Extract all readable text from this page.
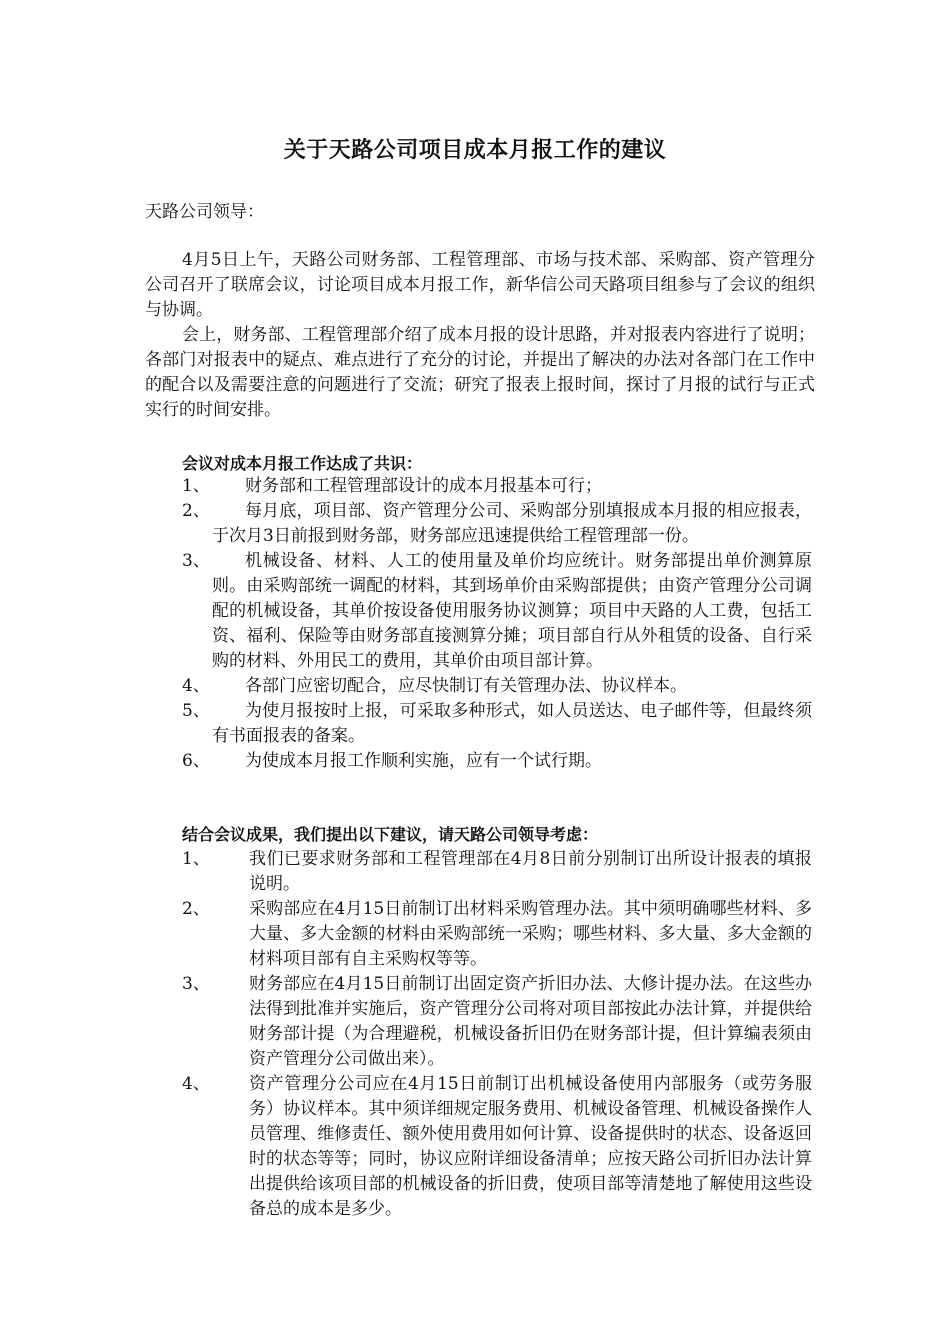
关于天路公司项目成本月报工作的建议
天路公司领导：

4月5日上午，天路公司财务部、工程管理部、市场与技术部、采购部、资产管理分公司召开了联席会议，讨论项目成本月报工作，新华信公司天路项目组参与了会议的组织与协调。

会上，财务部、工程管理部介绍了成本月报的设计思路，并对报表内容进行了说明；各部门对报表中的疑点、难点进行了充分的讨论，并提出了解决的办法对各部门在工作中的配合以及需要注意的问题进行了交流；研究了报表上报时间，探讨了月报的试行与正式实行的时间安排。

会议对成本月报工作达成了共识：
1、	财务部和工程管理部设计的成本月报基本可行；
2、	每月底，项目部、资产管理分公司、采购部分别填报成本月报的相应报表，于次月3日前报到财务部，财务部应迅速提供给工程管理部一份。
3、	机械设备、材料、人工的使用量及单价均应统计。财务部提出单价测算原则。由采购部统一调配的材料，其到场单价由采购部提供；由资产管理分公司调配的机械设备，其单价按设备使用服务协议测算；项目中天路的人工费，包括工资、福利、保险等由财务部直接测算分摊；项目部自行从外租赁的设备、自行采购的材料、外用民工的费用，其单价由项目部计算。
4、	各部门应密切配合，应尽快制订有关管理办法、协议样本。
5、	为使月报按时上报，可采取多种形式，如人员送达、电子邮件等，但最终须有书面报表的备案。
6、	为使成本月报工作顺利实施，应有一个试行期。
结合会议成果，我们提出以下建议，请天路公司领导考虑：
1、	我们已要求财务部和工程管理部在4月8日前分别制订出所设计报表的填报说明。
2、	采购部应在4月15日前制订出材料采购管理办法。其中须明确哪些材料、多大量、多大金额的材料由采购部统一采购；哪些材料、多大量、多大金额的材料项目部有自主采购权等等。
3、	财务部应在4月15日前制订出固定资产折旧办法、大修计提办法。在这些办法得到批准并实施后，资产管理分公司将对项目部按此办法计算，并提供给财务部计提（为合理避税，机械设备折旧仍在财务部计提，但计算编表须由资产管理分公司做出来）。
4、	资产管理分公司应在4月15日前制订出机械设备使用内部服务（或劳务服务）协议样本。其中须详细规定服务费用、机械设备管理、机械设备操作人员管理、维修责任、额外使用费用如何计算、设备提供时的状态、设备返回时的状态等等；同时，协议应附详细设备清单；应按天路公司折旧办法计算出提供给该项目部的机械设备的折旧费，使项目部等清楚地了解使用这些设备总的成本是多少。
